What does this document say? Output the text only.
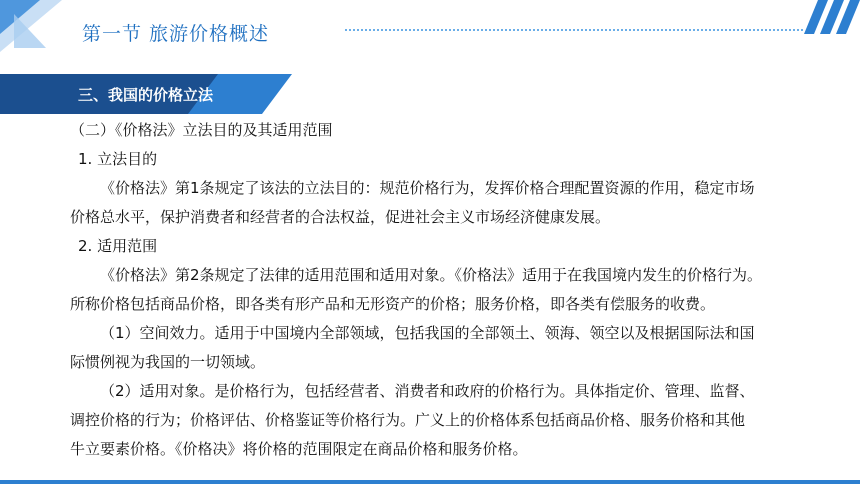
第一节 旅游价格概述
三、我国的价格立法

（二）《价格法》立法目的及其适用范围

1. 立法目的

《价格法》第1条规定了该法的立法目的：规范价格行为，发挥价格合理配置资源的作用，稳定市场

价格总水平，保护消费者和经营者的合法权益，促进社会主义市场经济健康发展。

2. 适用范围

《价格法》第2条规定了法律的适用范围和适用对象。《价格法》适用于在我国境内发生的价格行为。

所称价格包括商品价格，即各类有形产品和无形资产的价格；服务价格，即各类有偿服务的收费。

（1）空间效力。适用于中国境内全部领域，包括我国的全部领土、领海、领空以及根据国际法和国

际惯例视为我国的一切领域。

（2）适用对象。是价格行为，包括经营者、消费者和政府的价格行为。具体指定价、管理、监督、

调控价格的行为；价格评估、价格鉴证等价格行为。广义上的价格体系包括商品价格、服务价格和其他

牛立要素价格。《价格决》将价格的范围限定在商品价格和服务价格。
